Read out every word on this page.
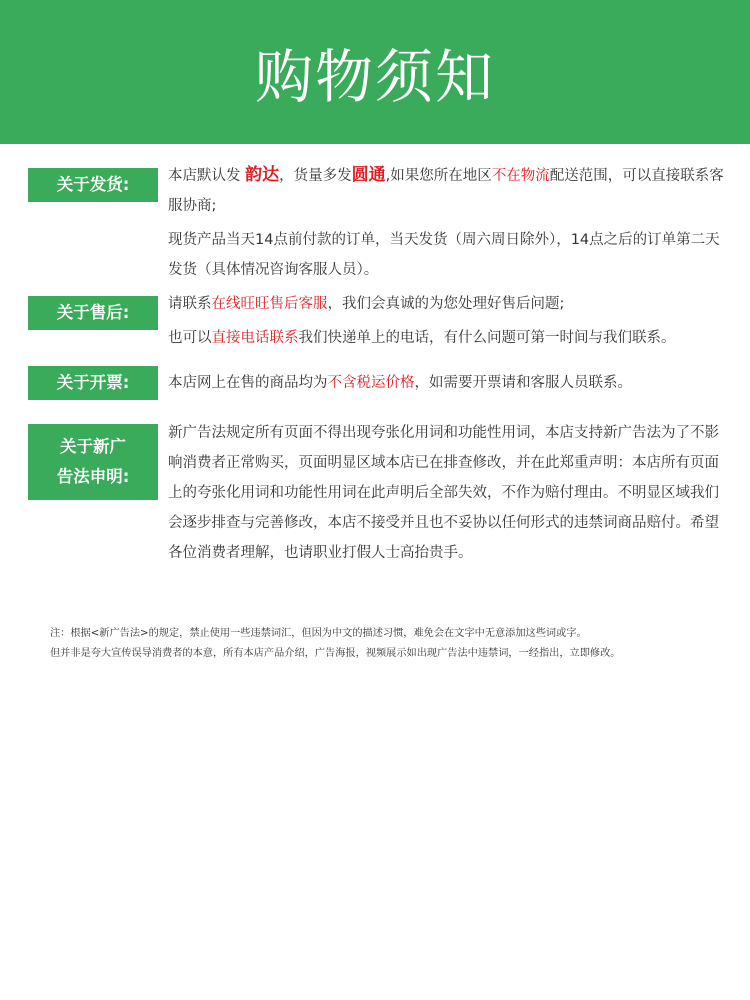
购物须知
关于发货:	本店默认发 韵达，货量多发圆通,如果您所在地区不在物流配送范围，可以直接联系客服协商;

现货产品当天14点前付款的订单，当天发货（周六周日除外），14点之后的订单第二天发货（具体情况咨询客服人员）。

关于售后:	请联系在线旺旺售后客服，我们会真诚的为您处理好售后问题;

也可以直接电话联系我们快递单上的电话，有什么问题可第一时间与我们联系。

关于开票:	本店网上在售的商品均为不含税运价格，如需要开票请和客服人员联系。

关于新广
告法申明:

新广告法规定所有页面不得出现夸张化用词和功能性用词，本店支持新广告法为了不影响消费者正常购买，页面明显区域本店已在排查修改，并在此郑重声明：本店所有页面上的夸张化用词和功能性用词在此声明后全部失效，不作为赔付理由。不明显区域我们会逐步排查与完善修改，本店不接受并且也不妥协以任何形式的违禁词商品赔付。希望各位消费者理解，也请职业打假人士高抬贵手。

注：根据<新广告法>的规定，禁止使用一些违禁词汇，但因为中文的描述习惯，难免会在文字中无意添加这些词或字。
但并非是夸大宣传误导消费者的本意，所有本店产品介绍，广告海报，视频展示如出现广告法中违禁词，一经指出，立即修改。
